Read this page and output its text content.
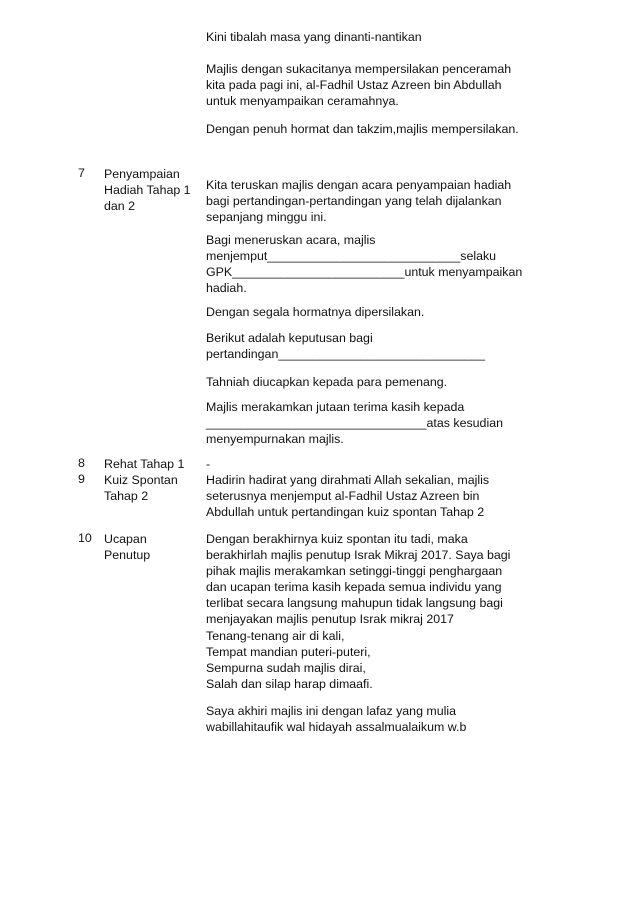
Kini tibalah masa yang dinanti-nantikan
Majlis dengan sukacitanya mempersilakan penceramah
kita pada pagi ini, al-Fadhil Ustaz Azreen bin Abdullah
untuk menyampaikan ceramahnya.
Dengan penuh hormat dan takzim,majlis mempersilakan.
7 Penyampaian
Hadiah Tahap 1
dan 2
Kita teruskan majlis dengan acara penyampaian hadiah
bagi pertandingan-pertandingan yang telah dijalankan
sepanjang minggu ini.
Bagi meneruskan acara, majlis
menjemput____________________________selaku
GPK_________________________untuk menyampaikan
hadiah.
Dengan segala hormatnya dipersilakan.
Berikut adalah keputusan bagi
pertandingan______________________________
Tahniah diucapkan kepada para pemenang.
Majlis merakamkan jutaan terima kasih kepada
________________________________atas kesudian
menyempurnakan majlis.
8 Rehat Tahap 1	-
9 Kuiz Spontan
Tahap 2
Hadirin hadirat yang dirahmati Allah sekalian, majlis
seterusnya menjemput al-Fadhil Ustaz Azreen bin
Abdullah untuk pertandingan kuiz spontan Tahap 2
10 Ucapan
Penutup
Dengan berakhirnya kuiz spontan itu tadi, maka
berakhirlah majlis penutup Israk Mikraj 2017. Saya bagi
pihak majlis merakamkan setinggi-tinggi penghargaan
dan ucapan terima kasih kepada semua individu yang
terlibat secara langsung mahupun tidak langsung bagi
menjayakan majlis penutup Israk mikraj 2017
Tenang-tenang air di kali,
Tempat mandian puteri-puteri,
Sempurna sudah majlis dirai,
Salah dan silap harap dimaafi.
Saya akhiri majlis ini dengan lafaz yang mulia
wabillahitaufik wal hidayah assalmualaikum w.b
